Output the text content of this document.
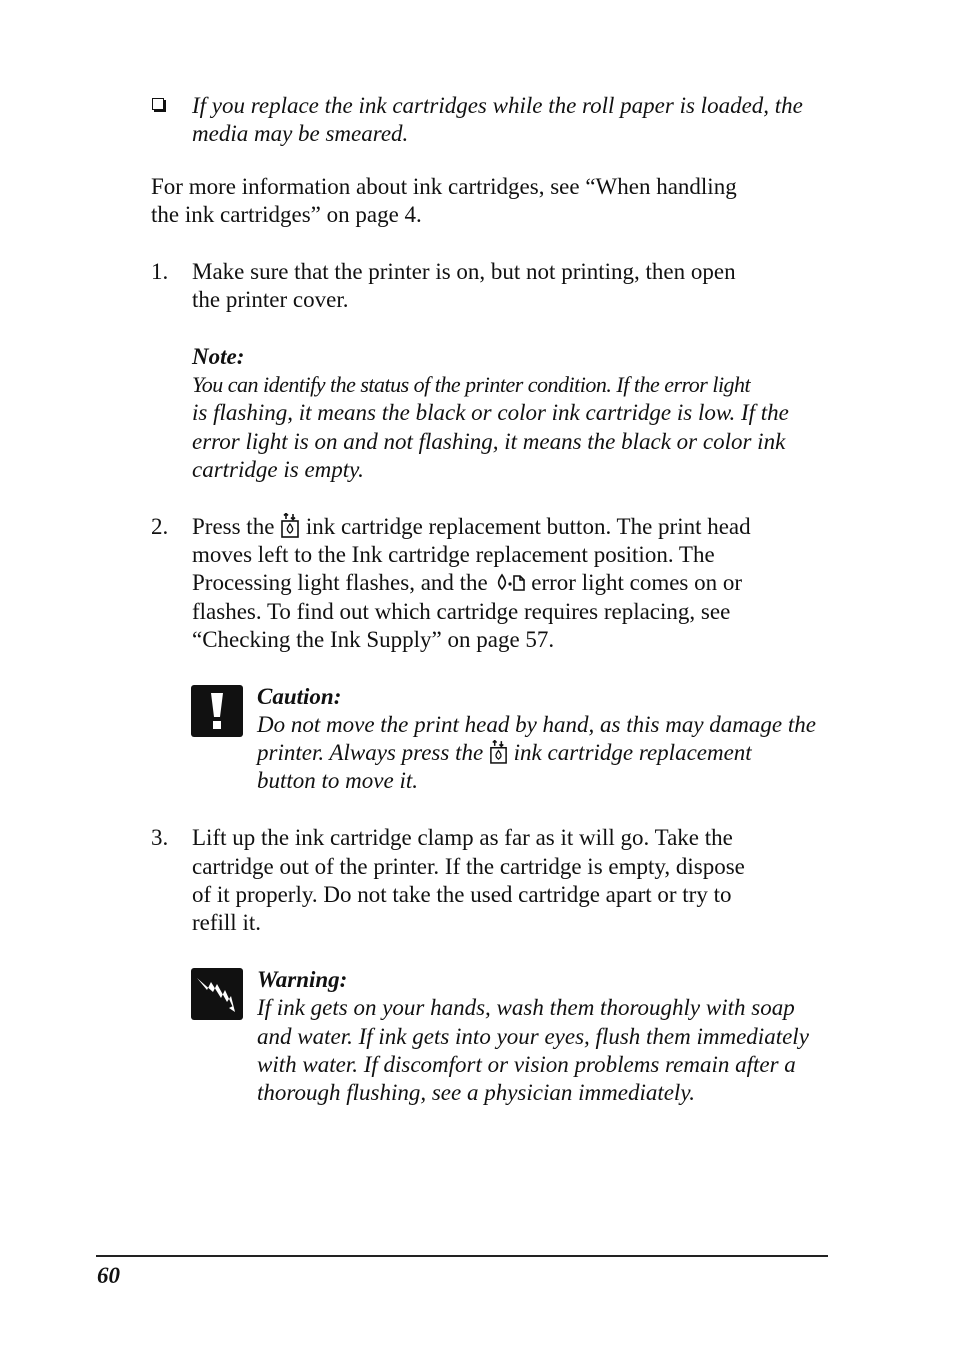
If you replace the ink cartridges while the roll paper is loaded, the
media may be smeared.
For more information about ink cartridges, see “When handling
the ink cartridges” on page 4.
1. Make sure that the printer is on, but not printing, then open
the printer cover.
Note:
You can identify the status of the printer condition. If the error light
is flashing, it means the black or color ink cartridge is low. If the
error light is on and not flashing, it means the black or color ink
cartridge is empty.
2. Press the ink cartridge replacement button. The print head
moves left to the Ink cartridge replacement position. The
Processing light flashes, and the error light comes on or
flashes. To find out which cartridge requires replacing, see
“Checking the Ink Supply” on page 57.
Caution:
Do not move the print head by hand, as this may damage the
printer. Always press the ink cartridge replacement
button to move it.
3. Lift up the ink cartridge clamp as far as it will go. Take the
cartridge out of the printer. If the cartridge is empty, dispose
of it properly. Do not take the used cartridge apart or try to
refill it.
Warning:
If ink gets on your hands, wash them thoroughly with soap
and water. If ink gets into your eyes, flush them immediately
with water. If discomfort or vision problems remain after a
thorough flushing, see a physician immediately.
60
